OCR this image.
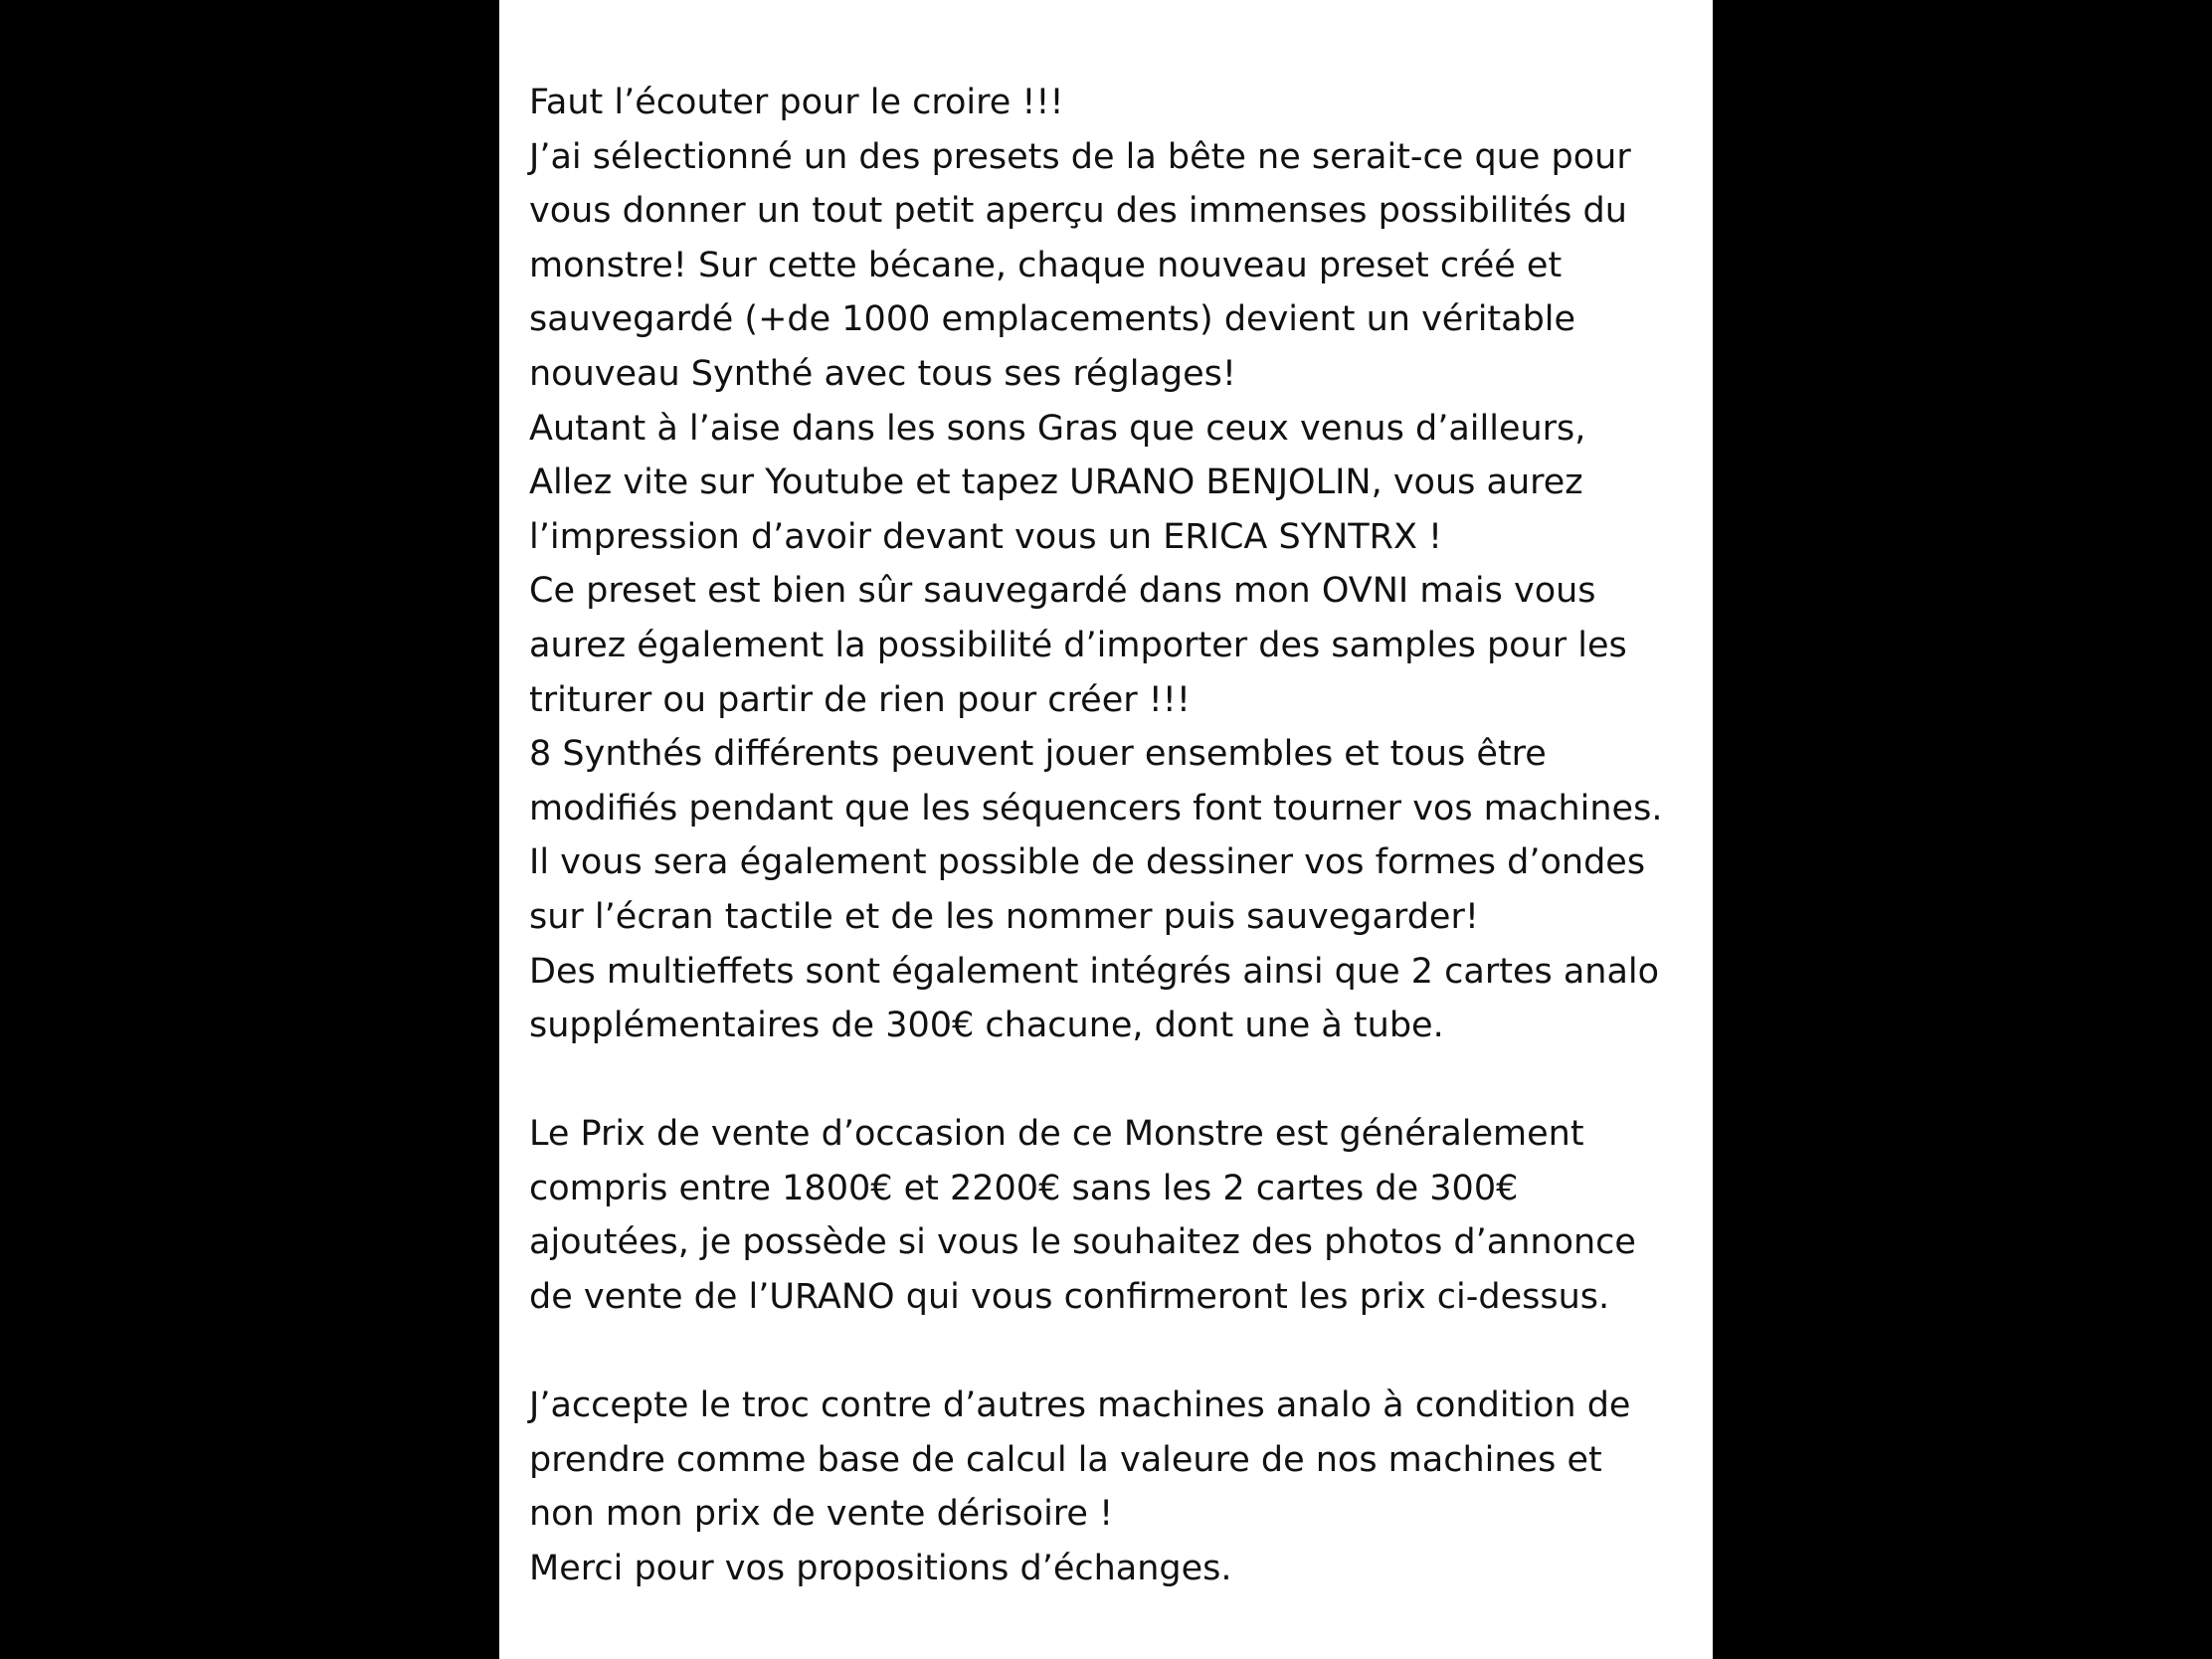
Faut l’écouter pour le croire !!!
J’ai sélectionné un des presets de la bête ne serait-ce que pour
vous donner un tout petit aperçu des immenses possibilités du
monstre! Sur cette bécane, chaque nouveau preset créé et
sauvegardé (+de 1000 emplacements) devient un véritable
nouveau Synthé avec tous ses réglages!
Autant à l’aise dans les sons Gras que ceux venus d’ailleurs,
Allez vite sur Youtube et tapez URANO BENJOLIN, vous aurez
l’impression d’avoir devant vous un ERICA SYNTRX !
Ce preset est bien sûr sauvegardé dans mon OVNI mais vous
aurez également la possibilité d’importer des samples pour les
triturer ou partir de rien pour créer !!!
8 Synthés différents peuvent jouer ensembles et tous être
modifiés pendant que les séquencers font tourner vos machines.
Il vous sera également possible de dessiner vos formes d’ondes
sur l’écran tactile et de les nommer puis sauvegarder!
Des multieffets sont également intégrés ainsi que 2 cartes analo
supplémentaires de 300€ chacune, dont une à tube.
Le Prix de vente d’occasion de ce Monstre est généralement
compris entre 1800€ et 2200€ sans les 2 cartes de 300€
ajoutées, je possède si vous le souhaitez des photos d’annonce
de vente de l’URANO qui vous confirmeront les prix ci-dessus.
J’accepte le troc contre d’autres machines analo à condition de
prendre comme base de calcul la valeure de nos machines et
non mon prix de vente dérisoire !
Merci pour vos propositions d’échanges.
